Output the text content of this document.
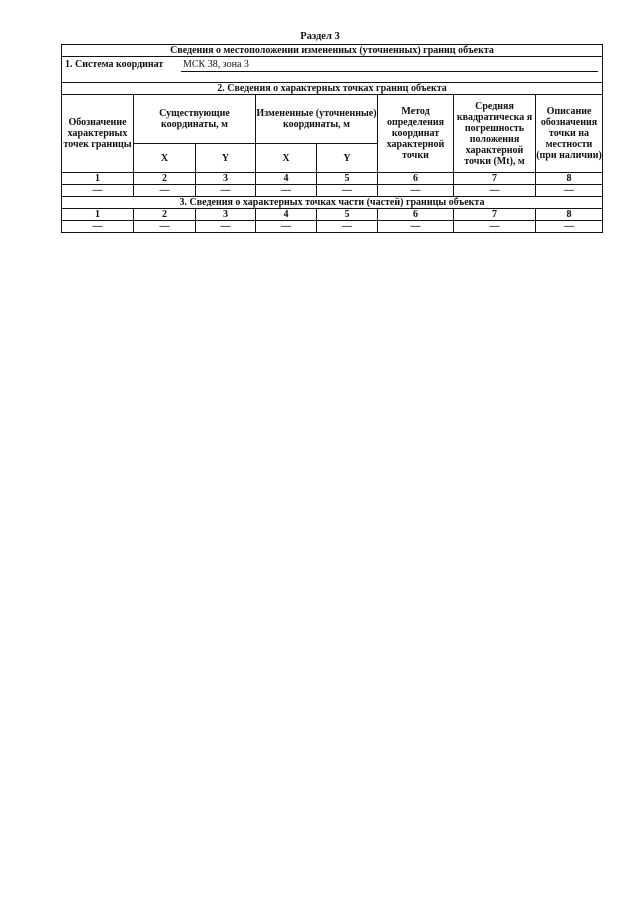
Раздел 3
Сведения о местоположении измененных (уточненных) границ объекта							

1. Система координат МСК 38, зона 3							

2. Сведения о характерных точках границ объекта							
Обозначение характерных точек границы	Существующие координаты, м		Измененные (уточненные) координаты, м		Метод определения координат характерной точки	Средняя квадратическа я погрешность положения характерной точки (Mt), м	Описание обозначения точки на местности (при наличии)
	X	Y	X	Y			
1	2	3	4	5	6	7	8
—	—	—	—	—	—	—	—
3. Сведения о характерных точках части (частей) границы объекта							
1	2	3	4	5	6	7	8
—	—	—	—	—	—	—	—
